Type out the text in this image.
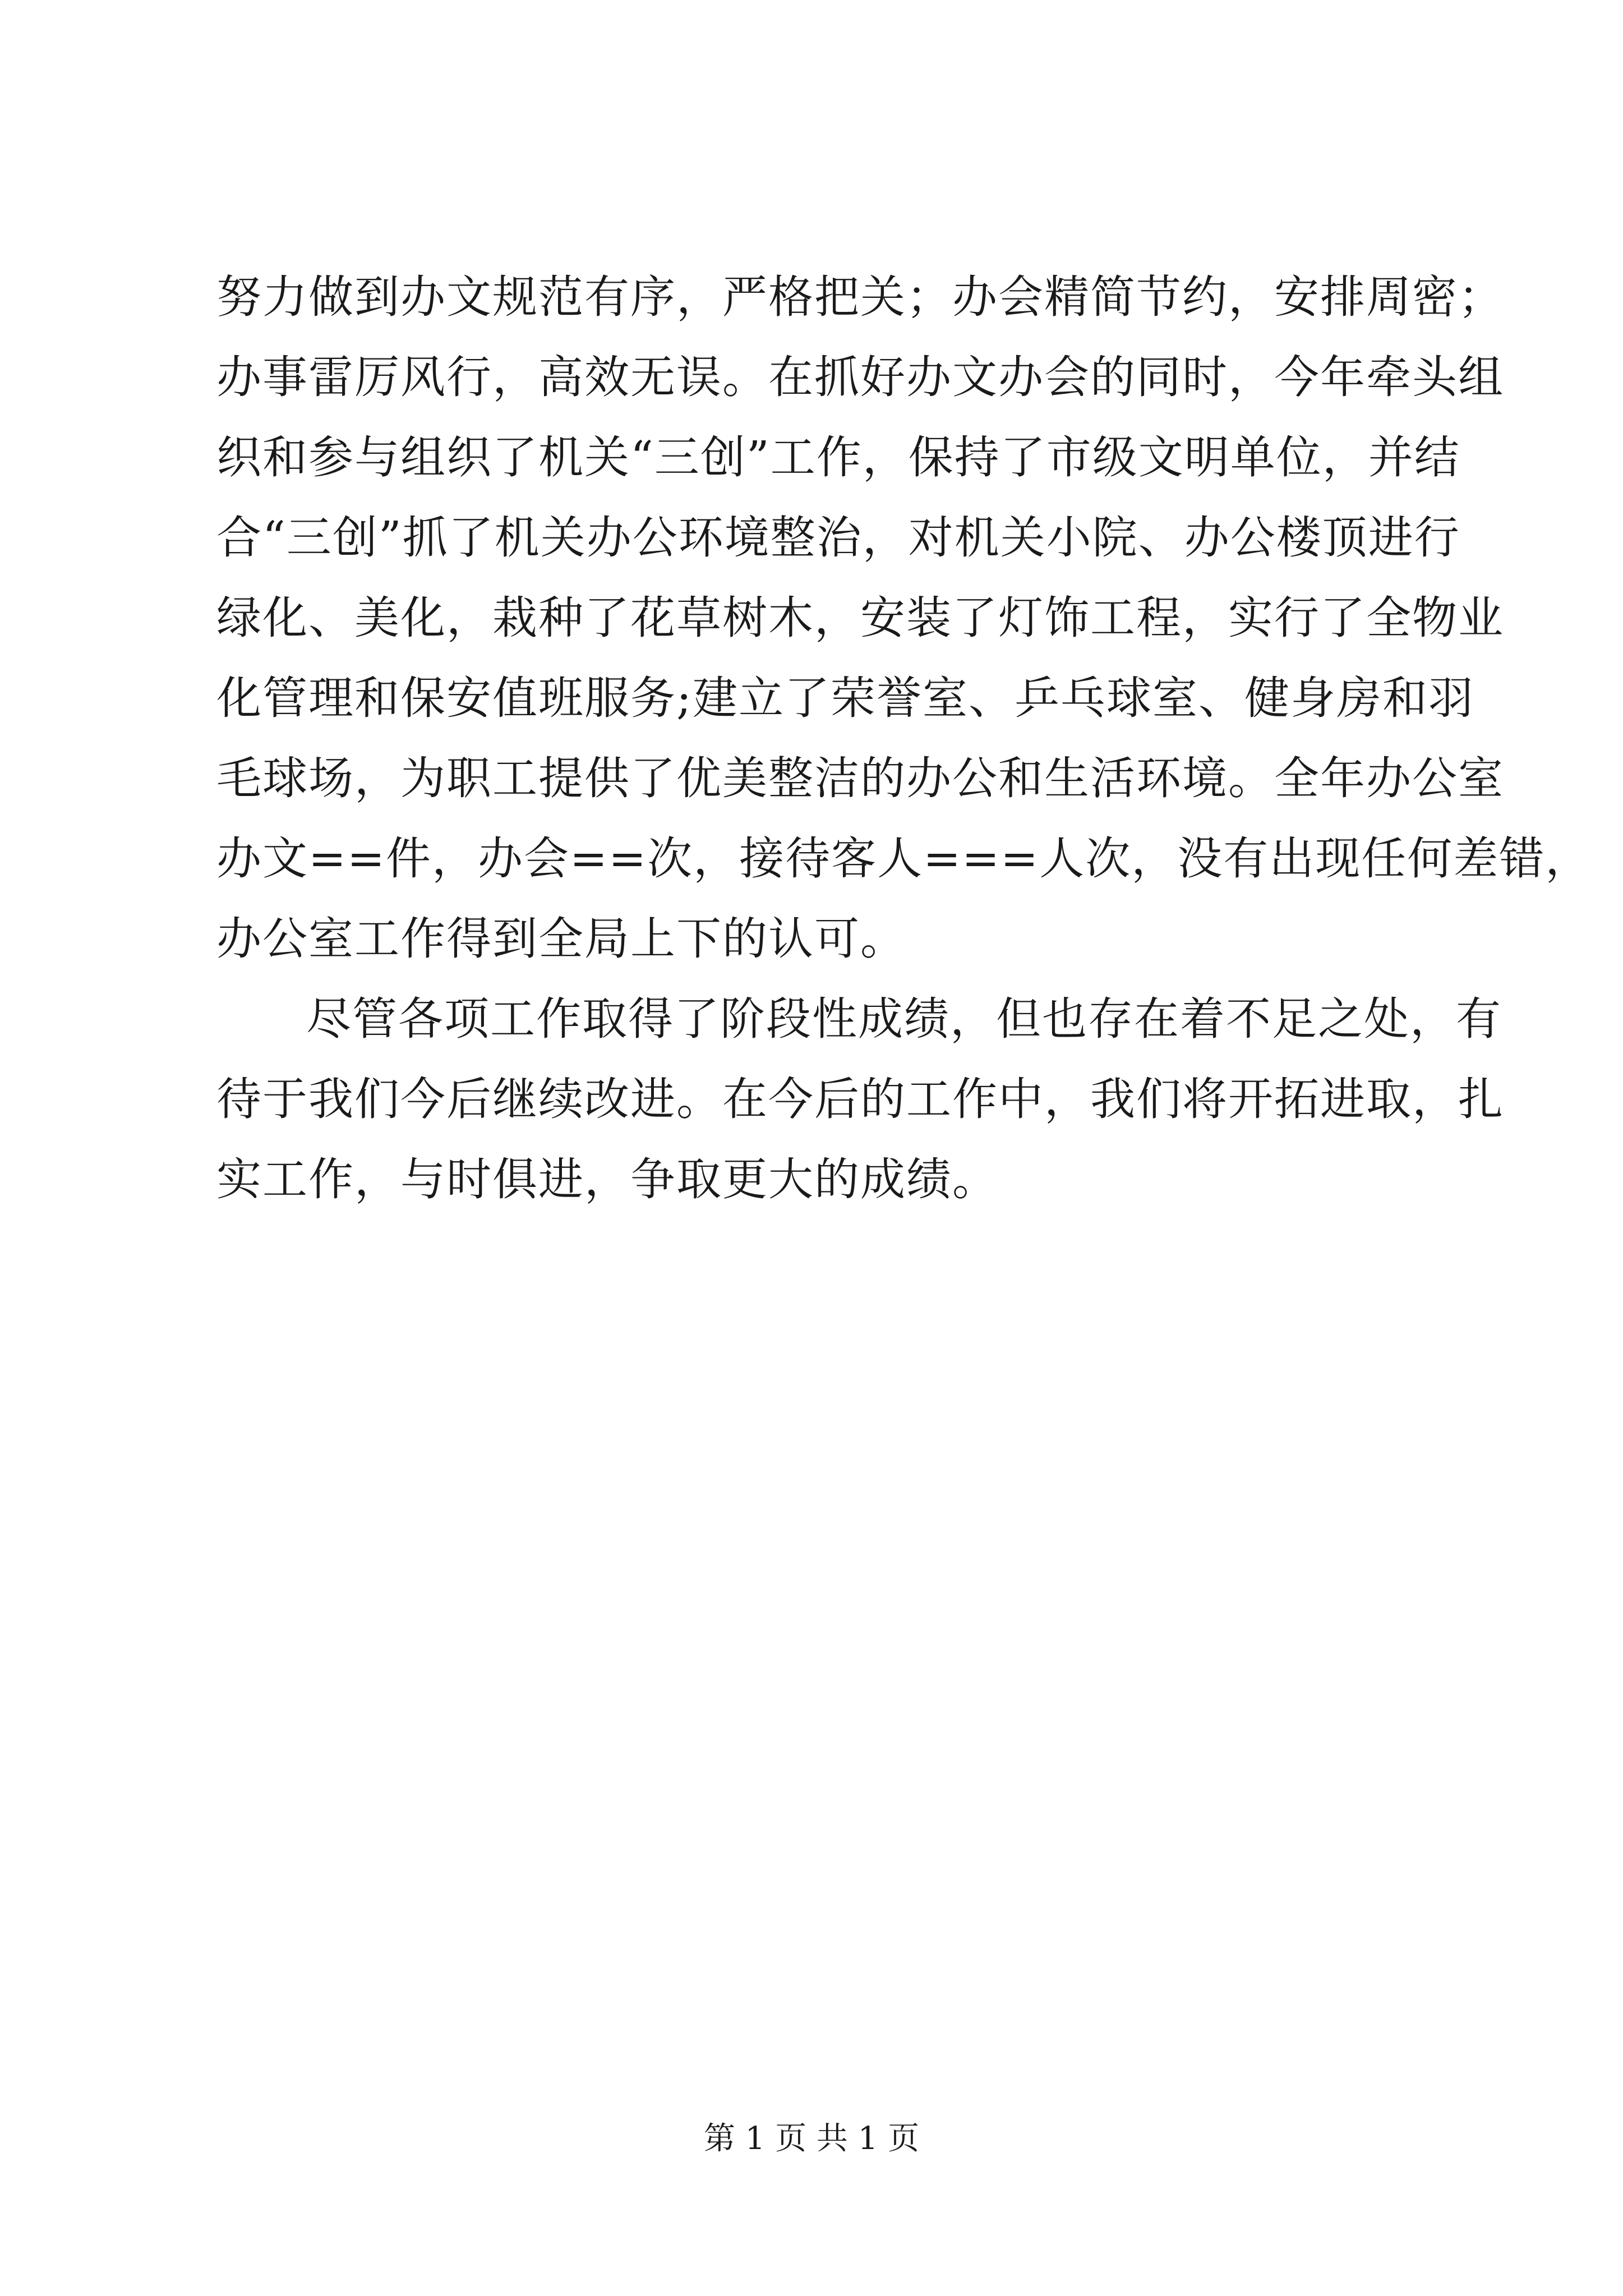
努力做到办文规范有序，严格把关；办会精简节约，安排周密；
办事雷厉风行，高效无误。在抓好办文办会的同时，今年牵头组
织和参与组织了机关“三创”工作，保持了市级文明单位，并结
合“三创”抓了机关办公环境整治，对机关小院、办公楼顶进行
绿化、美化，栽种了花草树木，安装了灯饰工程，实行了全物业
化管理和保安值班服务;建立了荣誉室、乒乓球室、健身房和羽
毛球场，为职工提供了优美整洁的办公和生活环境。全年办公室
办文==件，办会==次，接待客人===人次，没有出现任何差错，
办公室工作得到全局上下的认可。
尽管各项工作取得了阶段性成绩，但也存在着不足之处，有
待于我们今后继续改进。在今后的工作中，我们将开拓进取，扎
实工作，与时俱进，争取更大的成绩。
第 1 页 共 1 页
